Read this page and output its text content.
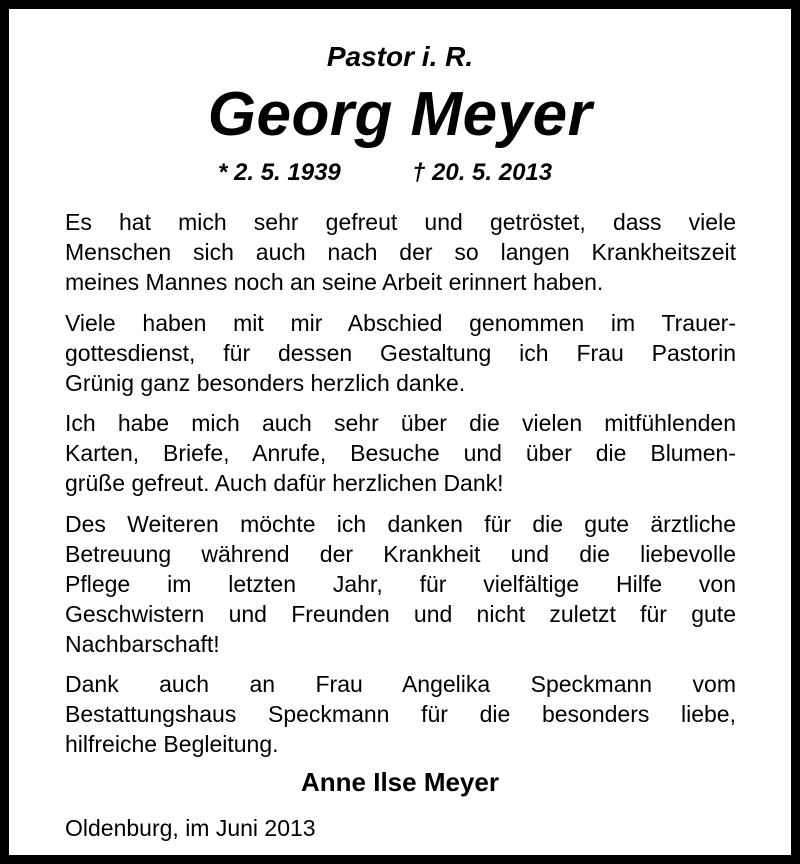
Pastor i. R.
Georg Meyer
* 2. 5. 1939	† 20. 5. 2013
Es hat mich sehr gefreut und getröstet, dass viele
Menschen sich auch nach der so langen Krankheitszeit
meines Mannes noch an seine Arbeit erinnert haben.
Viele haben mit mir Abschied genommen im Trauer-
gottesdienst, für dessen Gestaltung ich Frau Pastorin
Grünig ganz besonders herzlich danke.
Ich habe mich auch sehr über die vielen mitfühlenden
Karten, Briefe, Anrufe, Besuche und über die Blumen-
grüße gefreut. Auch dafür herzlichen Dank!
Des Weiteren möchte ich danken für die gute ärztliche
Betreuung während der Krankheit und die liebevolle
Pflege im letzten Jahr, für vielfältige Hilfe von
Geschwistern und Freunden und nicht zuletzt für gute
Nachbarschaft!
Dank auch an Frau Angelika Speckmann vom
Bestattungshaus Speckmann für die besonders liebe,
hilfreiche Begleitung.
Anne Ilse Meyer
Oldenburg, im Juni 2013
